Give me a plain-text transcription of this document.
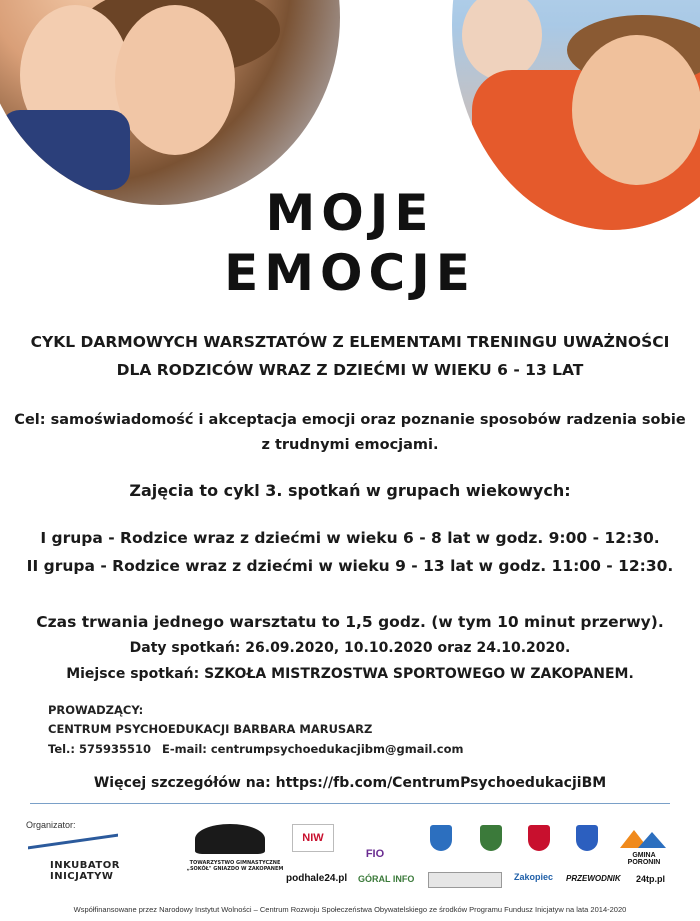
MOJE
EMOCJE
CYKL DARMOWYCH WARSZTATÓW Z ELEMENTAMI TRENINGU UWAŻNOŚCI
DLA RODZICÓW WRAZ Z DZIEĆMI W WIEKU 6 - 13 LAT
Cel: samoświadomość i akceptacja emocji oraz poznanie sposobów radzenia sobie
z trudnymi emocjami.
Zajęcia to cykl 3. spotkań w grupach wiekowych:
I grupa - Rodzice wraz z dziećmi w wieku 6 - 8 lat w godz. 9:00 - 12:30.
II grupa - Rodzice wraz z dziećmi w wieku 9 - 13 lat w godz. 11:00 - 12:30.
Czas trwania jednego warsztatu to 1,5 godz. (w tym 10 minut przerwy).
Daty spotkań: 26.09.2020, 10.10.2020 oraz 24.10.2020.
Miejsce spotkań: SZKOŁA MISTRZOSTWA SPORTOWEGO W ZAKOPANEM.
PROWADZĄCY:
CENTRUM PSYCHOEDUKACJI BARBARA MARUSARZ
Tel.: 575935510 E-mail: centrumpsychoedukacjibm@gmail.com
Więcej szczegółów na: https://fb.com/CentrumPsychoedukacjiBM
Organizator:
INKUBATOR INICJATYW
TOWARZYSTWO GIMNASTYCZNE „SOKÓŁ" GNIAZDO W ZAKOPANEM
NIW
FIO	GMINA PORONIN
podhale24.pl GÓRAL INFO	Zakopiec PRZEWODNIK 24tp.pl
Współfinansowane przez Narodowy Instytut Wolności – Centrum Rozwoju Społeczeństwa Obywatelskiego ze środków Programu Fundusz Inicjatyw na lata 2014-2020
